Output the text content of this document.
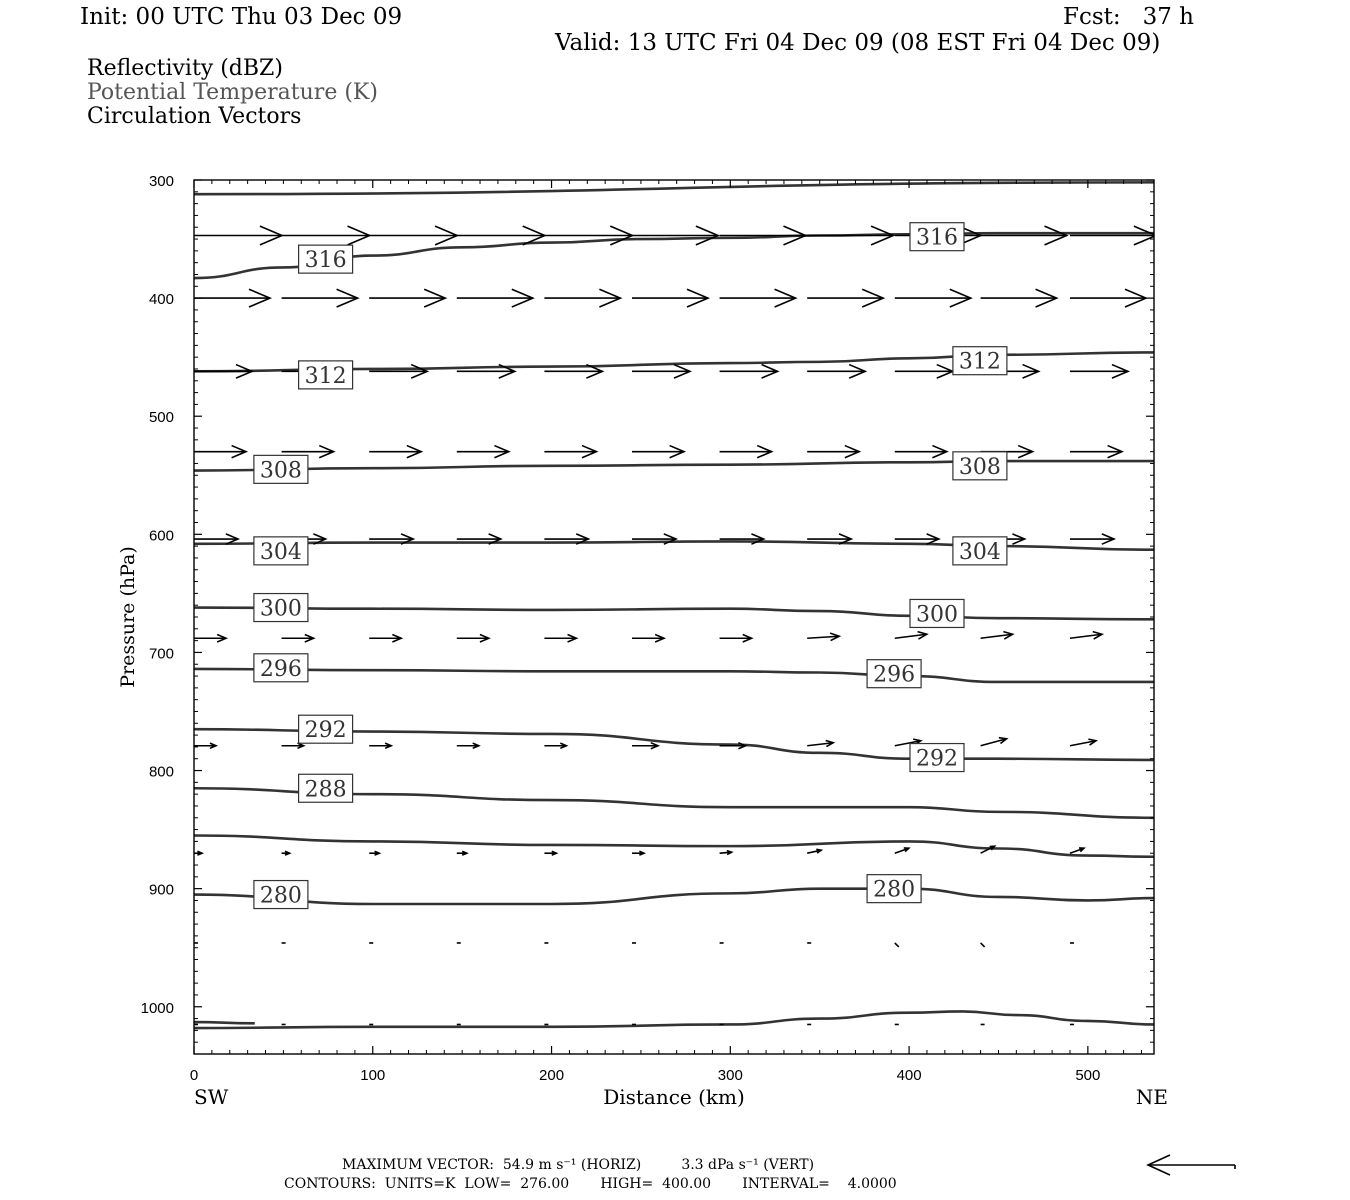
Init: 00 UTC Thu 03 Dec 09	Fcst:   37 h
Valid: 13 UTC Fri 04 Dec 09 (08 EST Fri 04 Dec 09)
Reflectivity (dBZ)
Potential Temperature (K)
Circulation Vectors
316
316
312
312
308	308
304	304
300	300
296	296
292
292
288
280	280
300
400
500
600
700
800
900
1000
0	100	200	300	400	500
Distance (km)
Pressure (hPa)
SW	NE
MAXIMUM VECTOR:  54.9 m s⁻¹ (HORIZ)         3.3 dPa s⁻¹ (VERT)
CONTOURS:  UNITS=K  LOW=  276.00       HIGH=  400.00       INTERVAL=    4.0000
